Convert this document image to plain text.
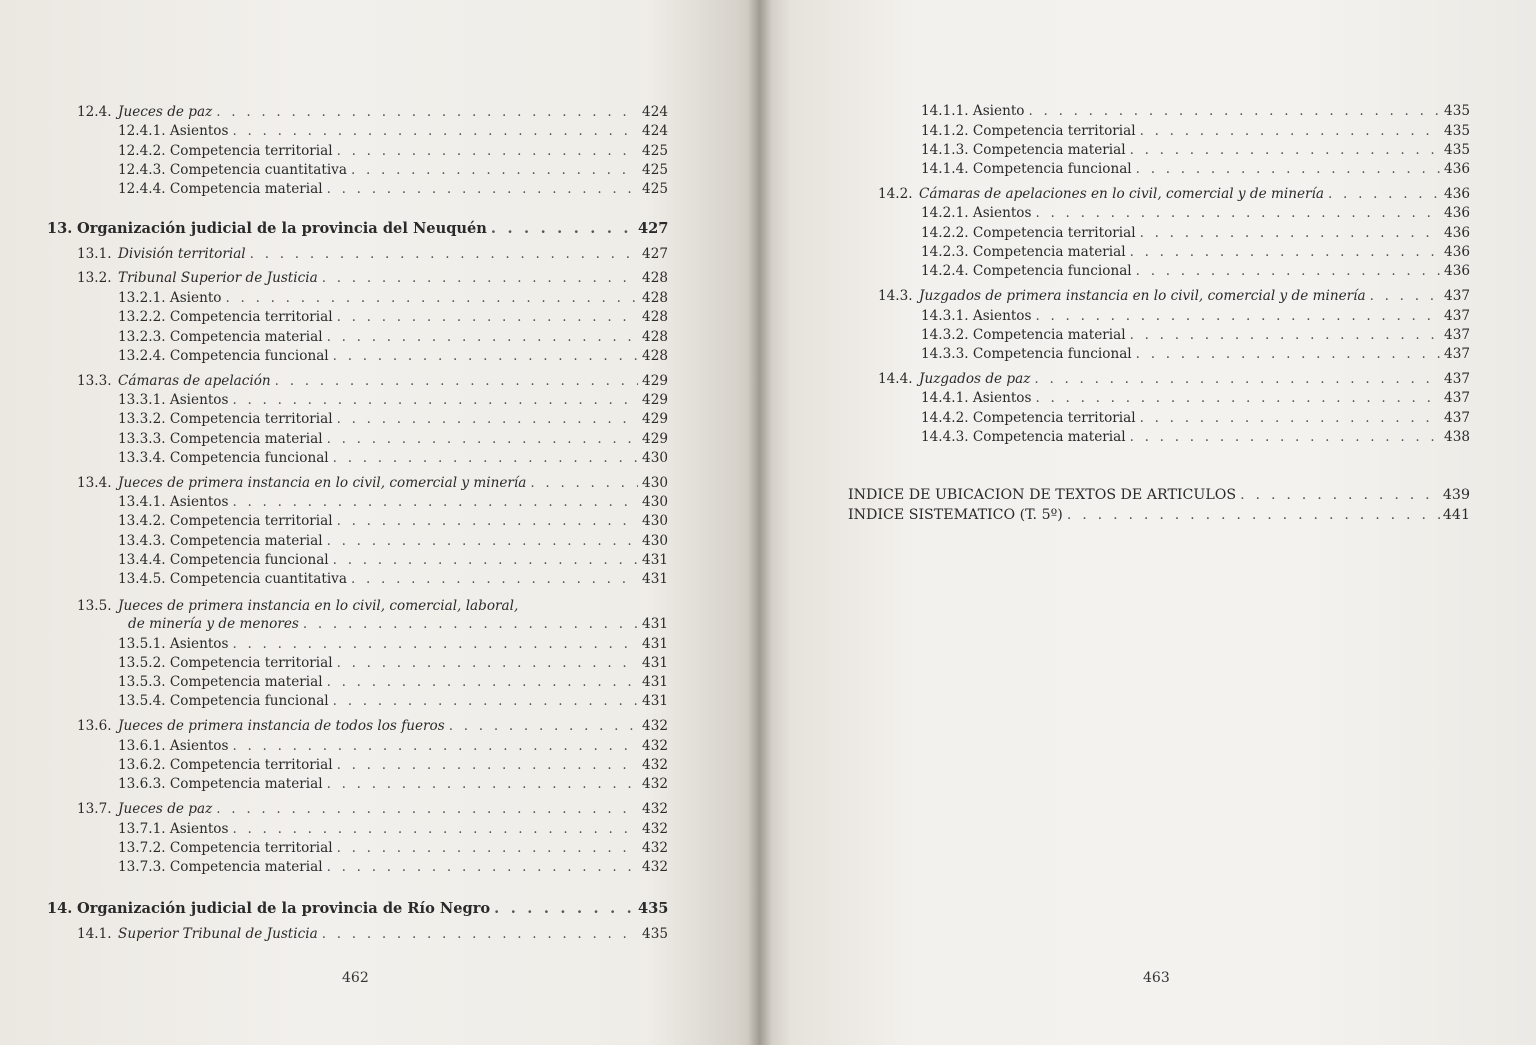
462
12.4. Jueces de paz . . .	424
12.4.1. Asientos . . .	424
12.4.2. Competencia territorial . . .	425
12.4.3. Competencia cuantitativa . . .	425
12.4.4. Competencia material . . .	425
13. Organización judicial de la provincia del Neuquén . . .	427
13.1. División territorial . . .	427
13.2. Tribunal Superior de Justicia . . .	428
13.2.1. Asiento . . .	428
13.2.2. Competencia territorial . . .	428
13.2.3. Competencia material . . .	428
13.2.4. Competencia funcional . . .	428
13.3. Cámaras de apelación . . .	429
13.3.1. Asientos . . .	429
13.3.2. Competencia territorial . . .	429
13.3.3. Competencia material . . .	429
13.3.4. Competencia funcional . . .	430
13.4. Jueces de primera instancia en lo civil, comercial y minería . . .	430
13.4.1. Asientos . . .	430
13.4.2. Competencia territorial . . .	430
13.4.3. Competencia material . . .	430
13.4.4. Competencia funcional . . .	431
13.4.5. Competencia cuantitativa . . .	431
13.5. Jueces de primera instancia en lo civil, comercial, laboral,
de minería y de menores . . .	431
13.5.1. Asientos . . .	431
13.5.2. Competencia territorial . . .	431
13.5.3. Competencia material . . .	431
13.5.4. Competencia funcional . . .	431
13.6. Jueces de primera instancia de todos los fueros . . .	432
13.6.1. Asientos . . .	432
13.6.2. Competencia territorial . . .	432
13.6.3. Competencia material . . .	432
13.7. Jueces de paz . . .	432
13.7.1. Asientos . . .	432
13.7.2. Competencia territorial . . .	432
13.7.3. Competencia material . . .	432
14. Organización judicial de la provincia de Río Negro . . .	435
14.1. Superior Tribunal de Justicia . . .	435
463
14.1.1. Asiento . . .	435
14.1.2. Competencia territorial . . .	435
14.1.3. Competencia material . . .	435
14.1.4. Competencia funcional . . .	436
14.2. Cámaras de apelaciones en lo civil, comercial y de minería . . .	436
14.2.1. Asientos . . .	436
14.2.2. Competencia territorial . . .	436
14.2.3. Competencia material . . .	436
14.2.4. Competencia funcional . . .	436
14.3. Juzgados de primera instancia en lo civil, comercial y de minería . . .	437
14.3.1. Asientos . . .	437
14.3.2. Competencia material . . .	437
14.3.3. Competencia funcional . . .	437
14.4. Juzgados de paz . . .	437
14.4.1. Asientos . . .	437
14.4.2. Competencia territorial . . .	437
14.4.3. Competencia material . . .	438
INDICE DE UBICACION DE TEXTOS DE ARTICULOS . . .	439
INDICE SISTEMATICO (T. 5º) . . .	441
